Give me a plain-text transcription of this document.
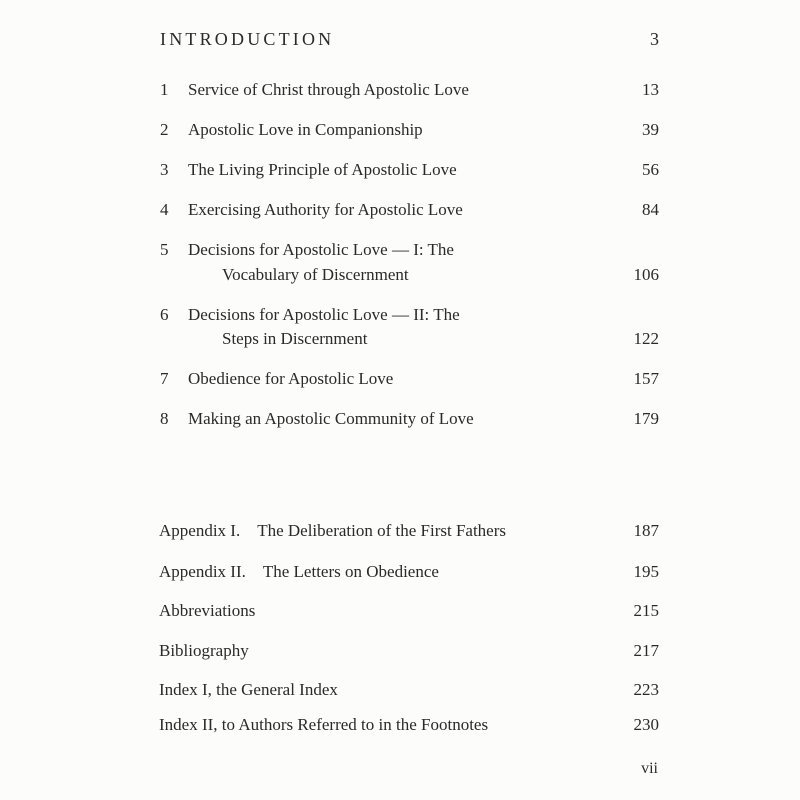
INTRODUCTION	3
1 Service of Christ through Apostolic Love	13
2 Apostolic Love in Companionship	39
3 The Living Principle of Apostolic Love	56
4 Exercising Authority for Apostolic Love	84
5 Decisions for Apostolic Love — I: The
Vocabulary of Discernment	106
6 Decisions for Apostolic Love — II: The
Steps in Discernment	122
7 Obedience for Apostolic Love	157
8 Making an Apostolic Community of Love	179
Appendix I. The Deliberation of the First Fathers	187
Appendix II. The Letters on Obedience	195
Abbreviations	215
Bibliography	217
Index I, the General Index	223
Index II, to Authors Referred to in the Footnotes	230
vii
